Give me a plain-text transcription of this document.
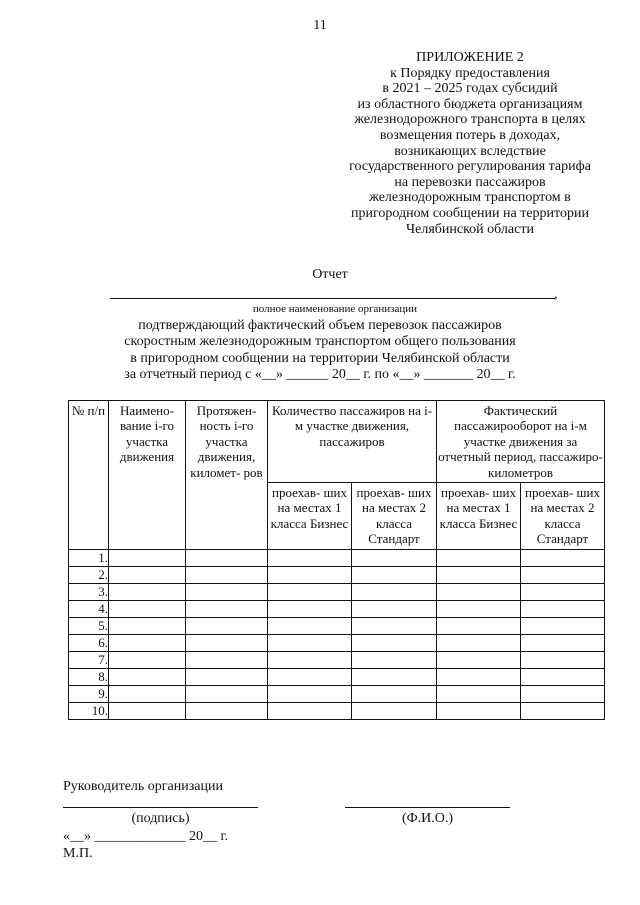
11
ПРИЛОЖЕНИЕ 2
к Порядку предоставления
в 2021 – 2025 годах субсидий
из областного бюджета организациям
железнодорожного транспорта в целях
возмещения потерь в доходах,
возникающих вследствие
государственного регулирования тарифа
на перевозки пассажиров
железнодорожным транспортом в
пригородном сообщении на территории
Челябинской области
Отчет
,
полное наименование организации
подтверждающий фактический объем перевозок пассажиров
скоростным железнодорожным транспортом общего пользования
в пригородном сообщении на территории Челябинской области
за отчетный период с «__» ______ 20__ г. по «__» _______ 20__ г.
№ п/п	Наимено- вание i-го участка движения	Протяжен- ность i-го участка движения, километ- ров	Количество пассажиров на i-м участке движения, пассажиров		Фактический пассажирооборот на i-м участке движения за отчетный период, пассажиро-километров	
			проехав- ших на местах 1 класса Бизнес	проехав- ших на местах 2 класса Стандарт	проехав- ших на местах 1 класса Бизнес	проехав- ших на местах 2 класса Стандарт
1.						
2.						
3.						
4.						
5.						
6.						
7.						
8.						
9.						
10.						
Руководитель организации
(подпись)	(Ф.И.О.)
«__» _____________ 20__ г.
М.П.
